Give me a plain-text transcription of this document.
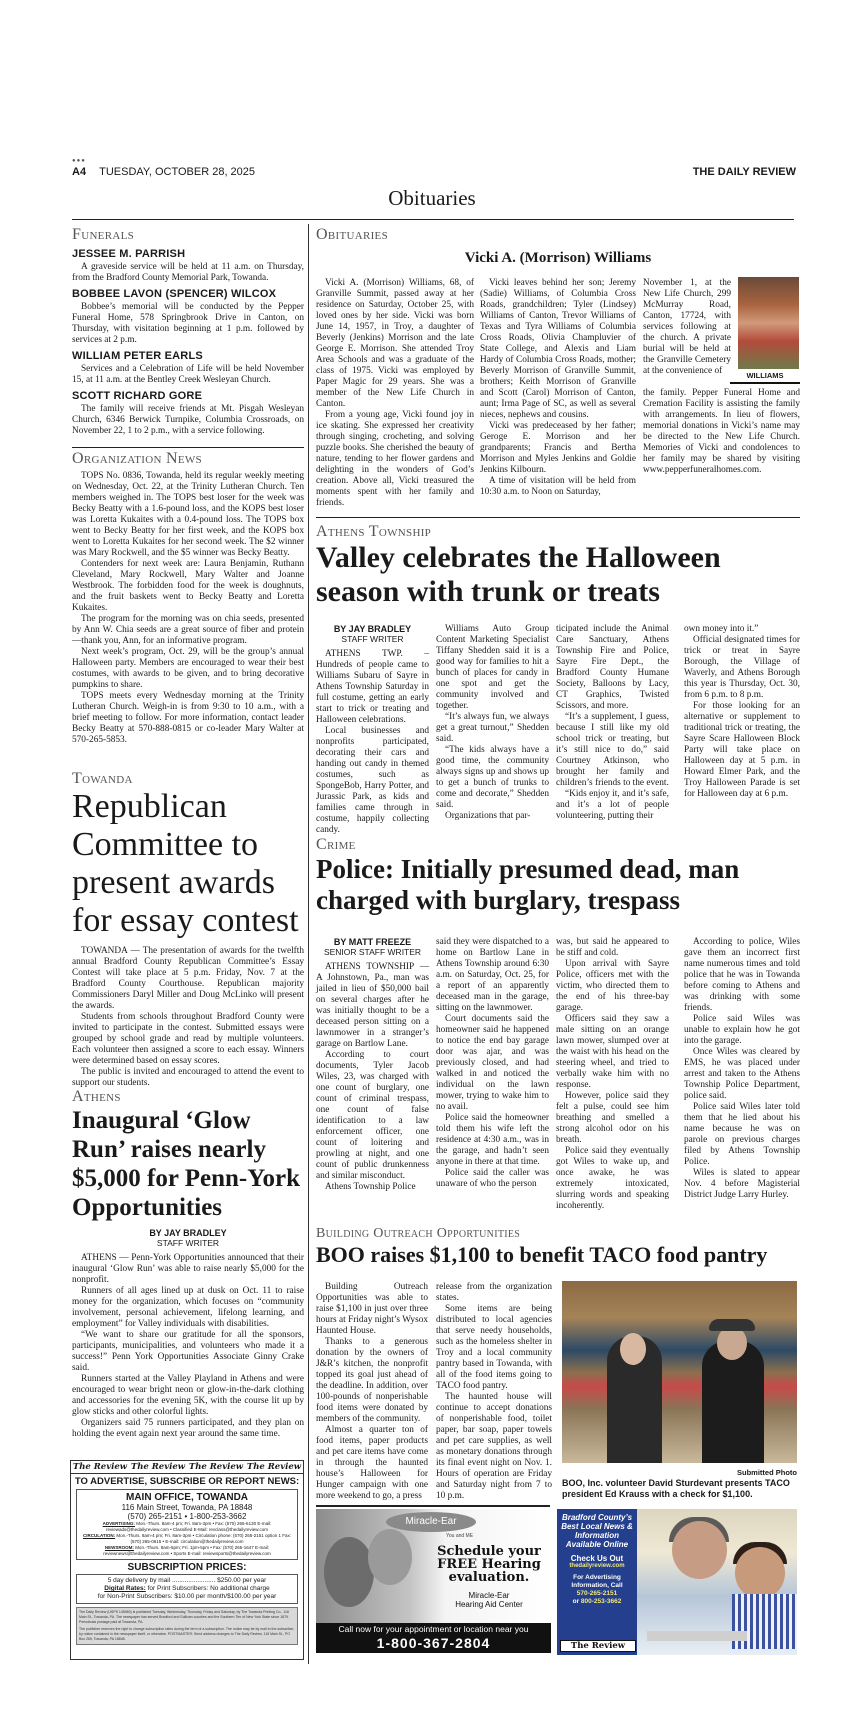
●●●
A4 TUESDAY, OCTOBER 28, 2025	THE DAILY REVIEW
Obituaries
Funerals
JESSEE M. PARRISH

A graveside service will be held at 11 a.m. on Thursday, from the Bradford County Memorial Park, Towanda.

BOBBEE LAVON (SPENCER) WILCOX

Bobbee’s memorial will be conducted by the Pepper Funeral Home, 578 Springbrook Drive in Canton, on Thursday, with visitation beginning at 1 p.m. followed by services at 2 p.m.

WILLIAM PETER EARLS

Services and a Celebration of Life will be held November 15, at 11 a.m. at the Bentley Creek Wesleyan Church.

SCOTT RICHARD GORE

The family will receive friends at Mt. Pisgah Wesleyan Church, 6346 Berwick Turnpike, Columbia Crossroads, on November 22, 1 to 2 p.m., with a service following.

Organization News

TOPS No. 0836, Towanda, held its regular weekly meeting on Wednesday, Oct. 22, at the Trinity Lutheran Church. Ten members weighed in. The TOPS best loser for the week was Becky Beatty with a 1.6-pound loss, and the KOPS best loser was Loretta Kukaites with a 0.4-pound loss. The TOPS box went to Becky Beatty for her first week, and the KOPS box went to Loretta Kukaites for her second week. The $2 winner was Mary Rockwell, and the $5 winner was Becky Beatty.

Contenders for next week are: Laura Benjamin, Ruthann Cleveland, Mary Rockwell, Mary Walter and Joanne Westbrook. The forbidden food for the week is doughnuts, and the fruit baskets went to Becky Beatty and Loretta Kukaites.

The program for the morning was on chia seeds, presented by Ann W. Chia seeds are a great source of fiber and protein—thank you, Ann, for an informative program.

Next week’s program, Oct. 29, will be the group’s annual Halloween party. Members are encouraged to wear their best costumes, with awards to be given, and to bring decorative pumpkins to share.

TOPS meets every Wednesday morning at the Trinity Lutheran Church. Weigh-in is from 9:30 to 10 a.m., with a brief meeting to follow. For more information, contact leader Becky Beatty at 570-888-0815 or co-leader Mary Walter at 570-265-5853.

Towanda
Republican Committee to present awards for essay contest

TOWANDA — The presentation of awards for the twelfth annual Bradford County Republican Committee’s Essay Contest will take place at 5 p.m. Friday, Nov. 7 at the Bradford County Courthouse. Republican majority Commissioners Daryl Miller and Doug McLinko will present the awards.

Students from schools throughout Bradford County were invited to participate in the contest. Submitted essays were grouped by school grade and read by multiple volunteers. Each volunteer then assigned a score to each essay. Winners were determined based on essay scores.

The public is invited and encouraged to attend the event to support our students.

Athens
Inaugural ‘Glow Run’ raises nearly $5,000 for Penn-York Opportunities
BY JAY BRADLEY
STAFF WRITER

ATHENS — Penn-York Opportunities announced that their inaugural ‘Glow Run’ was able to raise nearly $5,000 for the nonprofit.

Runners of all ages lined up at dusk on Oct. 11 to raise money for the organization, which focuses on “community involvement, personal achievement, lifelong learning, and employment” for Valley individuals with disabilities.

“We want to share our gratitude for all the sponsors, participants, municipalities, and volunteers who made it a success!” Penn York Opportunities Associate Ginny Crake said.

Runners started at the Valley Playland in Athens and were encouraged to wear bright neon or glow-in-the-dark clothing and accessories for the evening 5K, with the course lit up by glow sticks and other colorful lights.

Organizers said 75 runners participated, and they plan on holding the event again next year around the same time.

The Review The Review The Review The Review
TO ADVERTISE, SUBSCRIBE OR REPORT NEWS:
MAIN OFFICE, TOWANDA
116 Main Street, Towanda, PA 18848
(570) 265-2151 • 1-800-253-3662
ADVERTISING: Mon.-Thurs. 8am-4 pm; Fri. 8am-3pm • Fax: (570) 265-6130 E-mail: reviewads@thedailyreview.com • Classified E-Mail: revclass@thedailyreview.com
CIRCULATION: Mon.-Thurs. 8am-4 pm; Fri. 8am-3pm • Circulation phone: (570) 265-2151 option 1 Fax: (570) 265-0615 • E-mail: circulation@thedailyreview.com
NEWSROOM: Mon.-Thurs. 8am-5pm; Fri. 1pm-5pm • Fax: (570) 265-1647 E-mail: reviewnews@thedailyreview.com • Sports E-mail: reviewsports@thedailyreview.com
SUBSCRIPTION PRICES:
5 day delivery by mail ........................ $250.00 per year
Digital Rates: for Print Subscribers: No additional charge
for Non-Print Subscribers: $10.00 per month/$100.00 per year
The Daily Review (USPS 145960) is published Tuesday, Wednesday, Thursday, Friday and Saturday, by The Towanda Printing Co., 116 Main St., Towanda, PA. The newspaper has served Bradford and Sullivan counties and the Southern Tier of New York State since 1879. Periodicals postage paid at Towanda, PA.
The publisher reserves the right to change subscription rates during the term of a subscription. The notice may be by mail to the subscriber, by notice contained in the newspaper itself, or otherwise. POSTMASTER: Send address changes to The Daily Review, 116 Main St., PO Box 269, Towanda, PA 18848.
Obituaries
Vicki A. (Morrison) Williams

Vicki A. (Morrison) Williams, 68, of Granville Summit, passed away at her residence on Saturday, October 25, with loved ones by her side. Vicki was born June 14, 1957, in Troy, a daughter of Beverly (Jenkins) Morrison and the late George E. Morrison. She attended Troy Area Schools and was a graduate of the class of 1975. Vicki was employed by Paper Magic for 29 years. She was a member of the New Life Church in Canton.

From a young age, Vicki found joy in ice skating. She expressed her creativity through singing, crocheting, and solving puzzle books. She cherished the beauty of nature, tending to her flower gardens and delighting in the wonders of God’s creation. Above all, Vicki treasured the moments spent with her family and friends.

Vicki leaves behind her son; Jeremy (Sadie) Williams, of Columbia Cross Roads, grandchildren; Tyler (Lindsey) Williams of Canton, Trevor Williams of Texas and Tyra Williams of Columbia Cross Roads, Olivia Champluvier of State College, and Alexis and Liam Hardy of Columbia Cross Roads, mother; Beverly Morrison of Granville Summit, brothers; Keith Morrison of Granville and Scott (Carol) Morrison of Canton, aunt; Irma Page of SC, as well as several nieces, nephews and cousins.

Vicki was predeceased by her father; Geroge E. Morrison and her grandparents; Francis and Bertha Morrison and Myles Jenkins and Goldie Jenkins Kilbourn.

A time of visitation will be held from 10:30 a.m. to Noon on Saturday,

November 1, at the New Life Church, 299 McMurray Road, Canton, 17724, with services following at the church. A private burial will be held at the Granville Cemetery at the convenience of

the family. Pepper Funeral Home and Cremation Facility is assisting the family with arrangements. In lieu of flowers, memorial donations in Vicki’s name may be directed to the New Life Church. Memories of Vicki and condolences to her family may be shared by visiting www.pepperfuneralhomes.com.

WILLIAMS
Athens Township
Valley celebrates the Halloween season with trunk or treats
BY JAY BRADLEY
STAFF WRITER

ATHENS TWP. – Hundreds of people came to Williams Subaru of Sayre in Athens Township Saturday in full costume, getting an early start to trick or treating and Halloween celebrations.

Local businesses and nonprofits participated, decorating their cars and handing out candy in themed costumes, such as SpongeBob, Harry Potter, and Jurassic Park, as kids and families came through in costume, happily collecting candy.

Williams Auto Group Content Marketing Specialist Tiffany Shedden said it is a good way for families to hit a bunch of places for candy in one spot and get the community involved and together.

“It’s always fun, we always get a great turnout,” Shedden said.

“The kids always have a good time, the community always signs up and shows up to get a bunch of trunks to come and decorate,” Shedden said.

Organizations that par-

ticipated include the Animal Care Sanctuary, Athens Township Fire and Police, Sayre Fire Dept., the Bradford County Humane Society, Balloons by Lacy, CT Graphics, Twisted Scissors, and more.

“It’s a supplement, I guess, because I still like my old school trick or treating, but it’s still nice to do,” said Courtney Atkinson, who brought her family and children’s friends to the event.

“Kids enjoy it, and it’s safe, and it’s a lot of people volunteering, putting their

own money into it.”

Official designated times for trick or treat in Sayre Borough, the Village of Waverly, and Athens Borough this year is Thursday, Oct. 30, from 6 p.m. to 8 p.m.

For those looking for an alternative or supplement to traditional trick or treating, the Sayre Scare Halloween Block Party will take place on Halloween day at 5 p.m. in Howard Elmer Park, and the Troy Halloween Parade is set for Halloween day at 6 p.m.

Crime
Police: Initially presumed dead, man charged with burglary, trespass
BY MATT FREEZE
SENIOR STAFF WRITER

ATHENS TOWNSHIP — A Johnstown, Pa., man was jailed in lieu of $50,000 bail on several charges after he was initially thought to be a deceased person sitting on a lawnmower in a stranger’s garage on Bartlow Lane.

According to court documents, Tyler Jacob Wiles, 23, was charged with one count of burglary, one count of criminal trespass, one count of false identification to a law enforcement officer, one count of loitering and prowling at night, and one count of public drunkenness and similar misconduct.

Athens Township Police

said they were dispatched to a home on Bartlow Lane in Athens Township around 6:30 a.m. on Saturday, Oct. 25, for a report of an apparently deceased man in the garage, sitting on the lawnmower.

Court documents said the homeowner said he happened to notice the end bay garage door was ajar, and was previously closed, and had walked in and noticed the individual on the lawn mower, trying to wake him to no avail.

Police said the homeowner told them his wife left the residence at 4:30 a.m., was in the garage, and hadn’t seen anyone in there at that time.

Police said the caller was unaware of who the person

was, but said he appeared to be stiff and cold.

Upon arrival with Sayre Police, officers met with the victim, who directed them to the end of his three-bay garage.

Officers said they saw a male sitting on an orange lawn mower, slumped over at the waist with his head on the steering wheel, and tried to verbally wake him with no response.

However, police said they felt a pulse, could see him breathing and smelled a strong alcohol odor on his breath.

Police said they eventually got Wiles to wake up, and once awake, he was extremely intoxicated, slurring words and speaking incoherently.

According to police, Wiles gave them an incorrect first name numerous times and told police that he was in Towanda before coming to Athens and was drinking with some friends.

Police said Wiles was unable to explain how he got into the garage.

Once Wiles was cleared by EMS, he was placed under arrest and taken to the Athens Township Police Department, police said.

Police said Wiles later told them that he lied about his name because he was on parole on previous charges filed by Athens Township Police.

Wiles is slated to appear Nov. 4 before Magisterial District Judge Larry Hurley.

Building Outreach Opportunities
BOO raises $1,100 to benefit TACO food pantry

Building Outreach Opportunities was able to raise $1,100 in just over three hours at Friday night’s Wysox Haunted House.

Thanks to a generous donation by the owners of J&R’s kitchen, the nonprofit topped its goal just ahead of the deadline. In addition, over 100-pounds of nonperishable food items were donated by members of the community.

Almost a quarter ton of food items, paper products and pet care items have come in through the haunted house’s Halloween for Hunger campaign with one more weekend to go, a press

release from the organization states.

Some items are being distributed to local agencies that serve needy households, such as the homeless shelter in Troy and a local community pantry based in Towanda, with all of the food items going to TACO food pantry.

The haunted house will continue to accept donations of nonperishable food, toilet paper, bar soap, paper towels and pet care supplies, as well as monetary donations through its final event night on Nov. 1. Hours of operation are Friday and Saturday night from 7 to 10 p.m.

Submitted Photo
BOO, Inc. volunteer David Sturdevant presents TACO president Ed Krauss with a check for $1,100.
Miracle-Ear
You and ME
Schedule your FREE Hearing evaluation.
Miracle-Ear
Hearing Aid Center
Call now for your appointment or location near you
1-800-367-2804
Bradford County’s Best Local News & Information Available Online
Check Us Out
thedailyreview.com
For Advertising Information, Call
570-265-2151
or 800-253-3662
The Review
